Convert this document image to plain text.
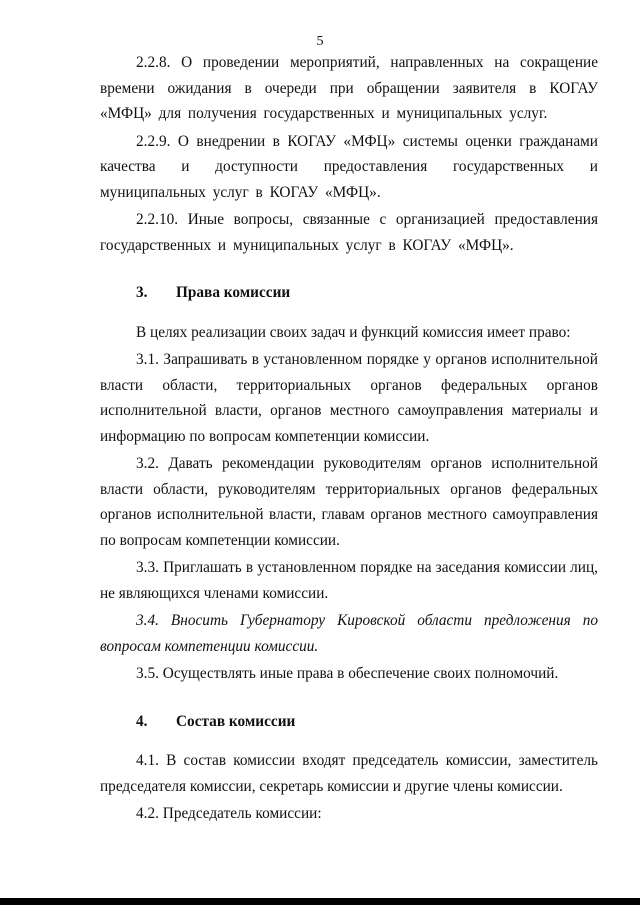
5

2.2.8. О проведении мероприятий, направленных на сокращение времени ожидания в очереди при обращении заявителя в КОГАУ «МФЦ» для получения государственных и муниципальных услуг.

2.2.9. О внедрении в КОГАУ «МФЦ» системы оценки гражданами качества и доступности предоставления государственных и муниципальных услуг в КОГАУ «МФЦ».

2.2.10. Иные вопросы, связанные с организацией предоставления государственных и муниципальных услуг в КОГАУ «МФЦ».

3.	Права комиссии

В целях реализации своих задач и функций комиссия имеет право:

3.1. Запрашивать в установленном порядке у органов исполнительной власти области, территориальных органов федеральных органов исполнительной власти, органов местного самоуправления материалы и информацию по вопросам компетенции комиссии.

3.2. Давать рекомендации руководителям органов исполнительной власти области, руководителям территориальных органов федеральных органов исполнительной власти, главам органов местного самоуправления по вопросам компетенции комиссии.

3.3. Приглашать в установленном порядке на заседания комиссии лиц, не являющихся членами комиссии.

3.4. Вносить Губернатору Кировской области предложения по вопросам компетенции комиссии.

3.5. Осуществлять иные права в обеспечение своих полномочий.

4.	Состав комиссии

4.1. В состав комиссии входят председатель комиссии, заместитель председателя комиссии, секретарь комиссии и другие члены комиссии.

4.2. Председатель комиссии:
